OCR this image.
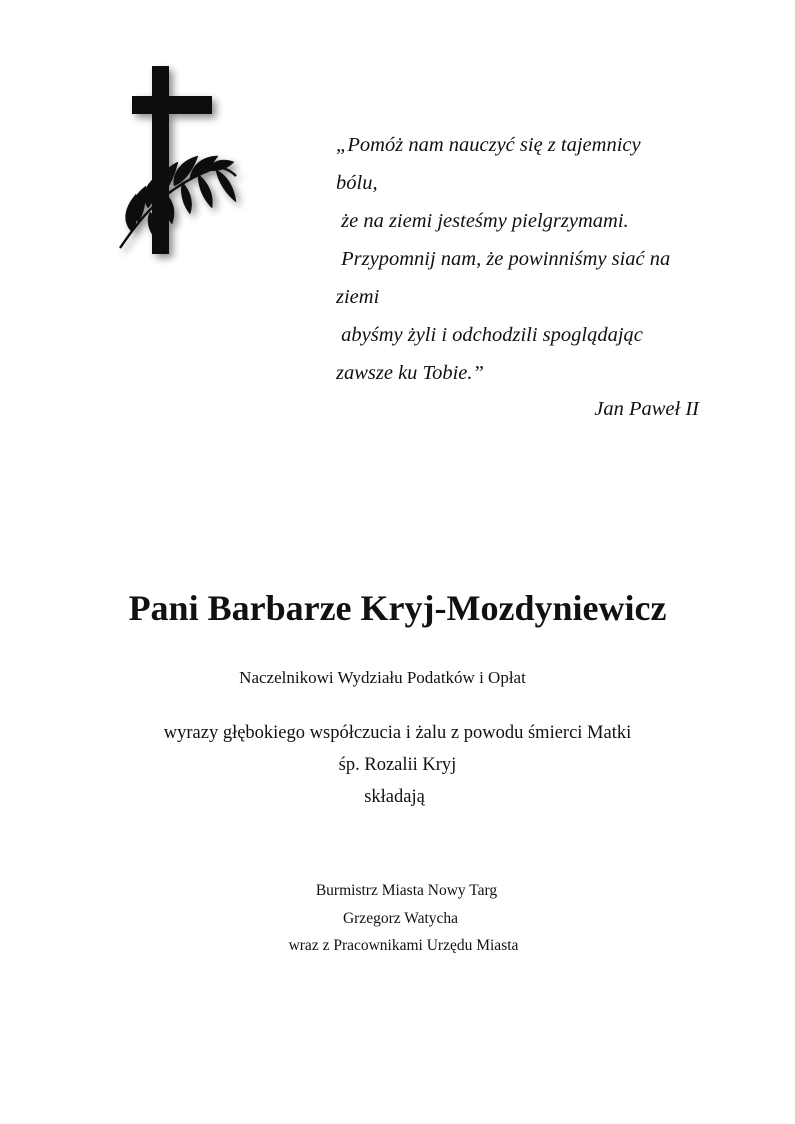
„Pomóż nam nauczyć się z tajemnicy
bólu,
że na ziemi jesteśmy pielgrzymami.
Przypomnij nam, że powinniśmy siać na
ziemi
abyśmy żyli i odchodzili spoglądając
zawsze ku Tobie.”
Jan Paweł II
Pani Barbarze Kryj-Mozdyniewicz
Naczelnikowi Wydziału Podatków i Opłat
wyrazy głębokiego współczucia i żalu z powodu śmierci Matki
śp. Rozalii Kryj
składają
Burmistrz Miasta Nowy Targ
Grzegorz Watycha
wraz z Pracownikami Urzędu Miasta
